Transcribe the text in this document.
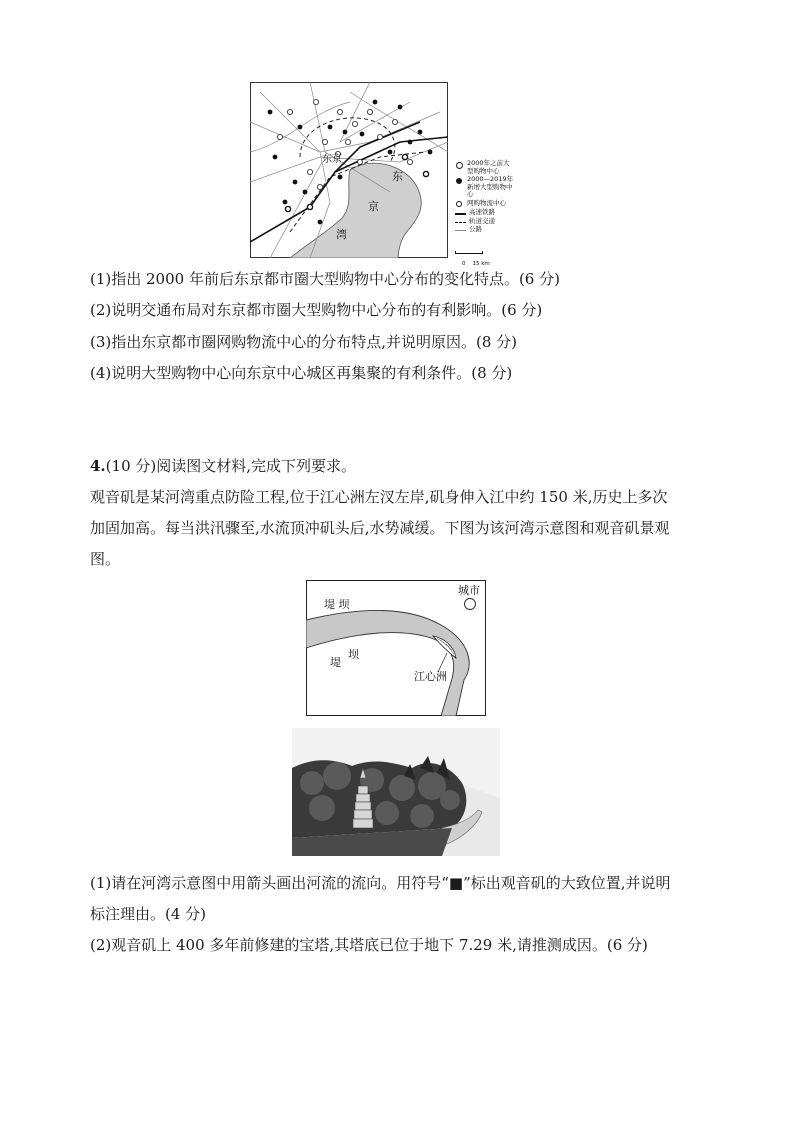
东京
东
京
湾
2000年之前大型购物中心
2000—2019年新增大型购物中心
网购物流中心
高速铁路
轨道交通
公路

0    15 km

(1)指出 2000 年前后东京都市圈大型购物中心分布的变化特点。(6 分)
(2)说明交通布局对东京都市圈大型购物中心分布的有利影响。(6 分)
(3)指出东京都市圈网购物流中心的分布特点,并说明原因。(8 分)
(4)说明大型购物中心向东京中心城区再集聚的有利条件。(8 分)
4.(10 分)阅读图文材料,完成下列要求。
观音矶是某河湾重点防险工程,位于江心洲左汊左岸,矶身伸入江中约 150 米,历史上多次
加固加高。每当洪汛骤至,水流顶冲矶头后,水势减缓。下图为该河湾示意图和观音矶景观
图。
城市
堤 坝
堤
坝
江心洲
(1)请在河湾示意图中用箭头画出河流的流向。用符号“■”标出观音矶的大致位置,并说明
标注理由。(4 分)
(2)观音矶上 400 多年前修建的宝塔,其塔底已位于地下 7.29 米,请推测成因。(6 分)
